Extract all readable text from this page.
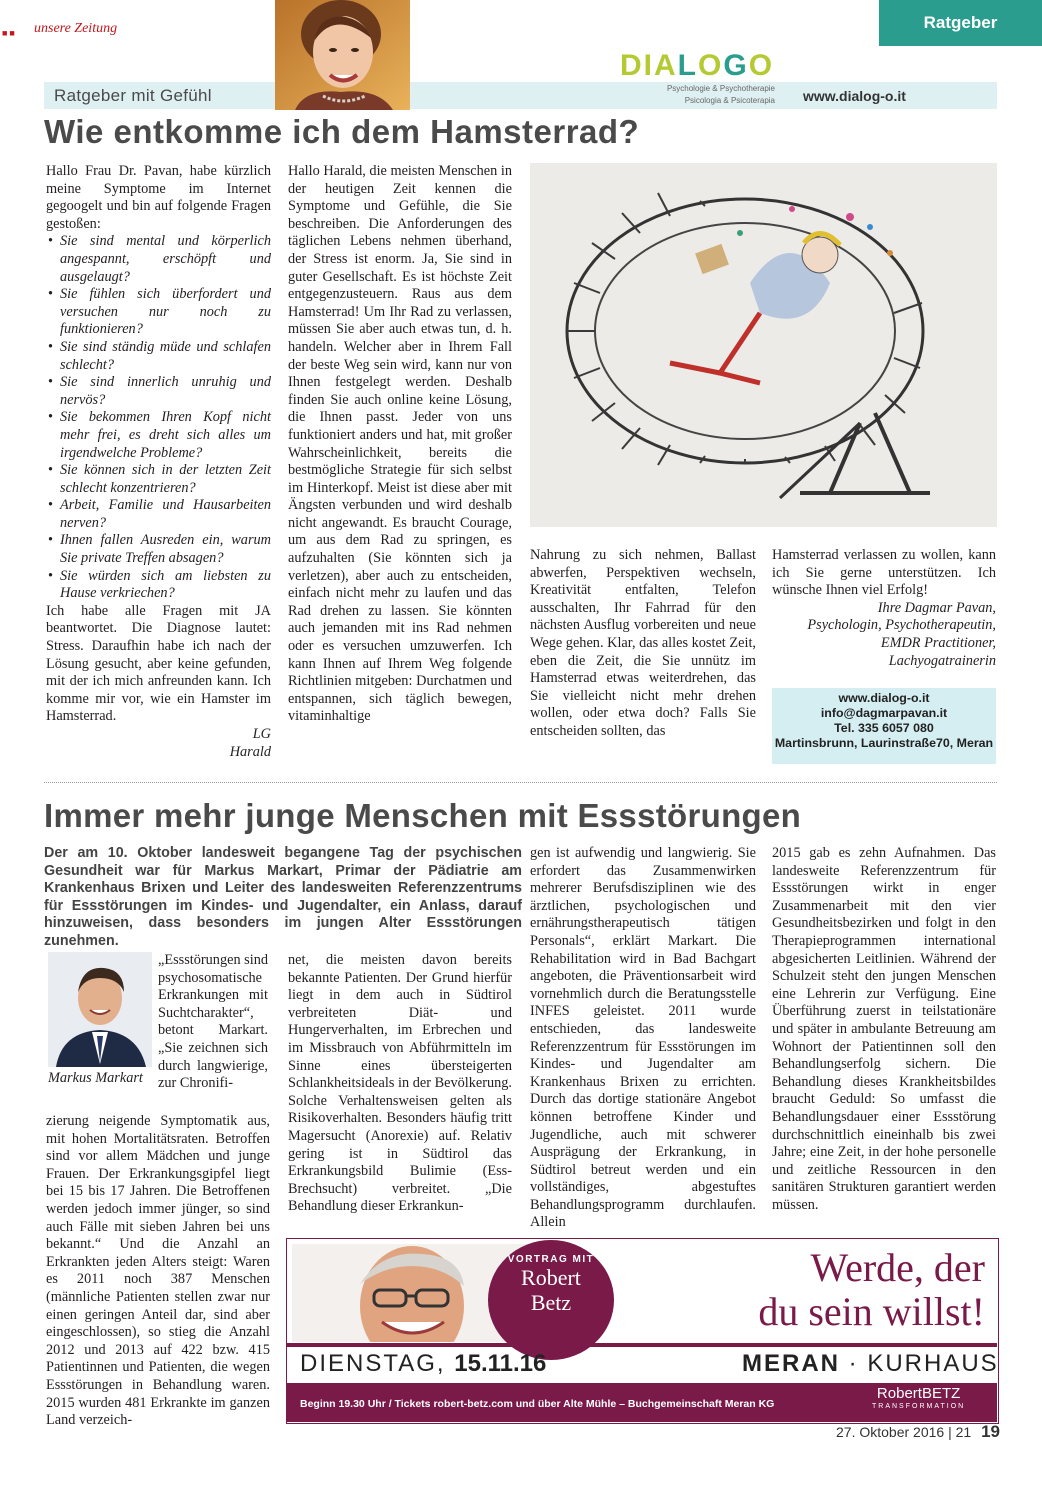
■■ unsere Zeitung	Ratgeber
Ratgeber mit Gefühl
DIALOGO
Psychologie & Psychotherapie
Psicologia & Psicoterapia www.dialog-o.it
Wie entkomme ich dem Hamsterrad?

Hallo Frau Dr. Pavan, habe kürzlich meine Symptome im Internet gegoogelt und bin auf folgende Fragen gestoßen:

• Sie sind mental und körperlich angespannt, erschöpft und ausgelaugt?
• Sie fühlen sich überfordert und versuchen nur noch zu funktionieren?
• Sie sind ständig müde und schlafen schlecht?
• Sie sind innerlich unruhig und nervös?
• Sie bekommen Ihren Kopf nicht mehr frei, es dreht sich alles um irgendwelche Probleme?
• Sie können sich in der letzten Zeit schlecht konzentrieren?
• Arbeit, Familie und Hausarbeiten nerven?
• Ihnen fallen Ausreden ein, warum Sie private Treffen absagen?
• Sie würden sich am liebsten zu Hause verkriechen?

Ich habe alle Fragen mit JA beantwortet. Die Diagnose lautet: Stress. Daraufhin habe ich nach der Lösung gesucht, aber keine gefunden, mit der ich mich anfreunden kann. Ich komme mir vor, wie ein Hamster im Hamsterrad.

LG

Harald

Hallo Harald, die meisten Menschen in der heutigen Zeit kennen die Symptome und Gefühle, die Sie beschreiben. Die Anforderungen des täglichen Lebens nehmen überhand, der Stress ist enorm. Ja, Sie sind in guter Gesellschaft. Es ist höchste Zeit entgegenzusteuern. Raus aus dem Hamsterrad! Um Ihr Rad zu verlassen, müssen Sie aber auch etwas tun, d. h. handeln. Welcher aber in Ihrem Fall der beste Weg sein wird, kann nur von Ihnen festgelegt werden. Deshalb finden Sie auch online keine Lösung, die Ihnen passt. Jeder von uns funktioniert anders und hat, mit großer Wahrscheinlichkeit, bereits die bestmögliche Strategie für sich selbst im Hinterkopf. Meist ist diese aber mit Ängsten verbunden und wird deshalb nicht angewandt. Es braucht Courage, um aus dem Rad zu springen, es aufzuhalten (Sie könnten sich ja verletzen), aber auch zu entscheiden, einfach nicht mehr zu laufen und das Rad drehen zu lassen. Sie könnten auch jemanden mit ins Rad nehmen oder es versuchen umzuwerfen. Ich kann Ihnen auf Ihrem Weg folgende Richtlinien mitgeben: Durchatmen und entspannen, sich täglich bewegen, vitaminhaltige

Nahrung zu sich nehmen, Ballast abwerfen, Perspektiven wechseln, Kreativität entfalten, Telefon ausschalten, Ihr Fahrrad für den nächsten Ausflug vorbereiten und neue Wege gehen. Klar, das alles kostet Zeit, eben die Zeit, die Sie unnütz im Hamsterrad etwas weiterdrehen, das Sie vielleicht nicht mehr drehen wollen, oder etwa doch? Falls Sie entscheiden sollten, das

Hamsterrad verlassen zu wollen, kann ich Sie gerne unterstützen. Ich wünsche Ihnen viel Erfolg!

Ihre Dagmar Pavan,

Psychologin, Psychotherapeutin,

EMDR Practitioner,

Lachyogatrainerin

www.dialog-o.it
info@dagmarpavan.it
Tel. 335 6057 080
Martinsbrunn, Laurinstraße70, Meran
Immer mehr junge Menschen mit Essstörungen
Der am 10. Oktober landesweit begangene Tag der psychischen Gesundheit war für Markus Markart, Primar der Pädiatrie am Krankenhaus Brixen und Leiter des landesweiten Referenzzentrums für Essstörungen im Kindes- und Jugendalter, ein Anlass, darauf hinzuweisen, dass besonders im jungen Alter Essstörungen zunehmen.
Markus Markart

„Essstörungen sind psychosomatische Erkrankungen mit Suchtcharakter“, betont Markart. „Sie zeichnen sich durch langwierige, zur Chronifi-

zierung neigende Symptomatik aus, mit hohen Mortalitätsraten. Betroffen sind vor allem Mädchen und junge Frauen. Der Erkrankungsgipfel liegt bei 15 bis 17 Jahren. Die Betroffenen werden jedoch immer jünger, so sind auch Fälle mit sieben Jahren bei uns bekannt.“ Und die Anzahl an Erkrankten jeden Alters steigt: Waren es 2011 noch 387 Menschen (männliche Patienten stellen zwar nur einen geringen Anteil dar, sind aber eingeschlossen), so stieg die Anzahl 2012 und 2013 auf 422 bzw. 415 Patientinnen und Patienten, die wegen Essstörungen in Behandlung waren. 2015 wurden 481 Erkrankte im ganzen Land verzeich-

net, die meisten davon bereits bekannte Patienten. Der Grund hierfür liegt in dem auch in Südtirol verbreiteten Diät- und Hungerverhalten, im Erbrechen und im Missbrauch von Abführmitteln im Sinne eines übersteigerten Schlankheitsideals in der Bevölkerung. Solche Verhaltensweisen gelten als Risikoverhalten. Besonders häufig tritt Magersucht (Anorexie) auf. Relativ gering ist in Südtirol das Erkrankungsbild Bulimie (Ess-Brechsucht) verbreitet. „Die Behandlung dieser Erkrankun-

gen ist aufwendig und langwierig. Sie erfordert das Zusammenwirken mehrerer Berufsdisziplinen wie des ärztlichen, psychologischen und ernährungstherapeutisch tätigen Personals“, erklärt Markart. Die Rehabilitation wird in Bad Bachgart angeboten, die Präventionsarbeit wird vornehmlich durch die Beratungsstelle INFES geleistet. 2011 wurde entschieden, das landesweite Referenzzentrum für Essstörungen im Kindes- und Jugendalter am Krankenhaus Brixen zu errichten. Durch das dortige stationäre Angebot können betroffene Kinder und Jugendliche, auch mit schwerer Ausprägung der Erkrankung, in Südtirol betreut werden und ein vollständiges, abgestuftes Behandlungsprogramm durchlaufen. Allein

2015 gab es zehn Aufnahmen. Das landesweite Referenzzentrum für Essstörungen wirkt in enger Zusammenarbeit mit den vier Gesundheitsbezirken und folgt in den Therapieprogrammen international abgesicherten Leitlinien. Während der Schulzeit steht den jungen Menschen eine Lehrerin zur Verfügung. Eine Überführung zuerst in teilstationäre und später in ambulante Betreuung am Wohnort der Patientinnen soll den Behandlungserfolg sichern. Die Behandlung dieses Krankheitsbildes braucht Geduld: So umfasst die Behandlungsdauer einer Essstörung durchschnittlich eineinhalb bis zwei Jahre; eine Zeit, in der hohe personelle und zeitliche Ressourcen in den sanitären Strukturen garantiert werden müssen.

VORTRAG MIT
Robert
Betz
Werde, der
du sein willst!
DIENSTAG, 15.11.16	MERAN · KURHAUS
Beginn 19.30 Uhr / Tickets robert-betz.com und über Alte Mühle – Buchgemeinschaft Meran KG
RobertBETZ
TRANSFORMATION
27. Oktober 2016 | 21 19
